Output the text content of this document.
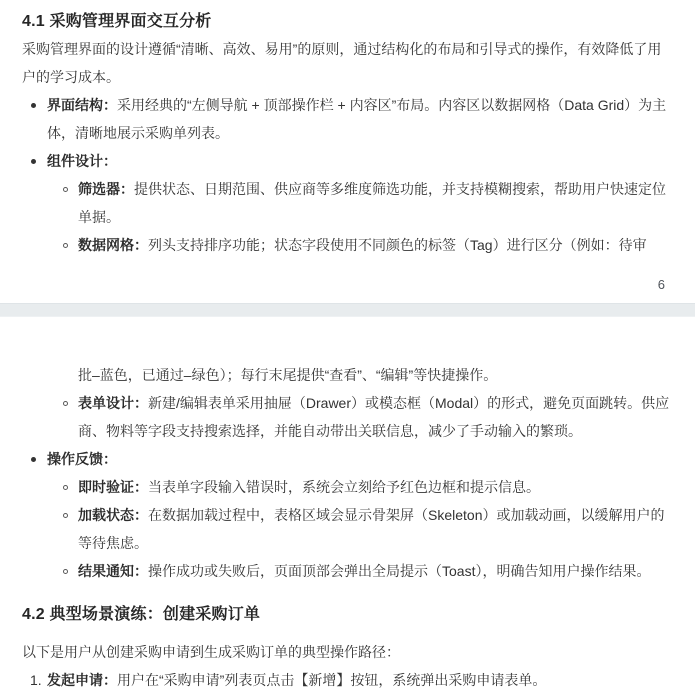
4.1 采购管理界面交互分析

采购管理界面的设计遵循“清晰、高效、易用”的原则，通过结构化的布局和引导式的操作，有效降低了用户的学习成本。

界面结构：采用经典的“左侧导航 + 顶部操作栏 + 内容区”布局。内容区以数据网格（Data Grid）为主体，清晰地展示采购单列表。

组件设计：

筛选器：提供状态、日期范围、供应商等多维度筛选功能，并支持模糊搜索，帮助用户快速定位单据。

数据网格：列头支持排序功能；状态字段使用不同颜色的标签（Tag）进行区分（例如：待审

6

批–蓝色，已通过–绿色）；每行末尾提供“查看”、“编辑”等快捷操作。

表单设计：新建/编辑表单采用抽屉（Drawer）或模态框（Modal）的形式，避免页面跳转。供应商、物料等字段支持搜索选择，并能自动带出关联信息，减少了手动输入的繁琐。

操作反馈：

即时验证：当表单字段输入错误时，系统会立刻给予红色边框和提示信息。

加载状态：在数据加载过程中，表格区域会显示骨架屏（Skeleton）或加载动画，以缓解用户的等待焦虑。

结果通知：操作成功或失败后，页面顶部会弹出全局提示（Toast），明确告知用户操作结果。

4.2 典型场景演练：创建采购订单

以下是用户从创建采购申请到生成采购订单的典型操作路径：

1. 发起申请：用户在“采购申请”列表页点击【新增】按钮，系统弹出采购申请表单。
